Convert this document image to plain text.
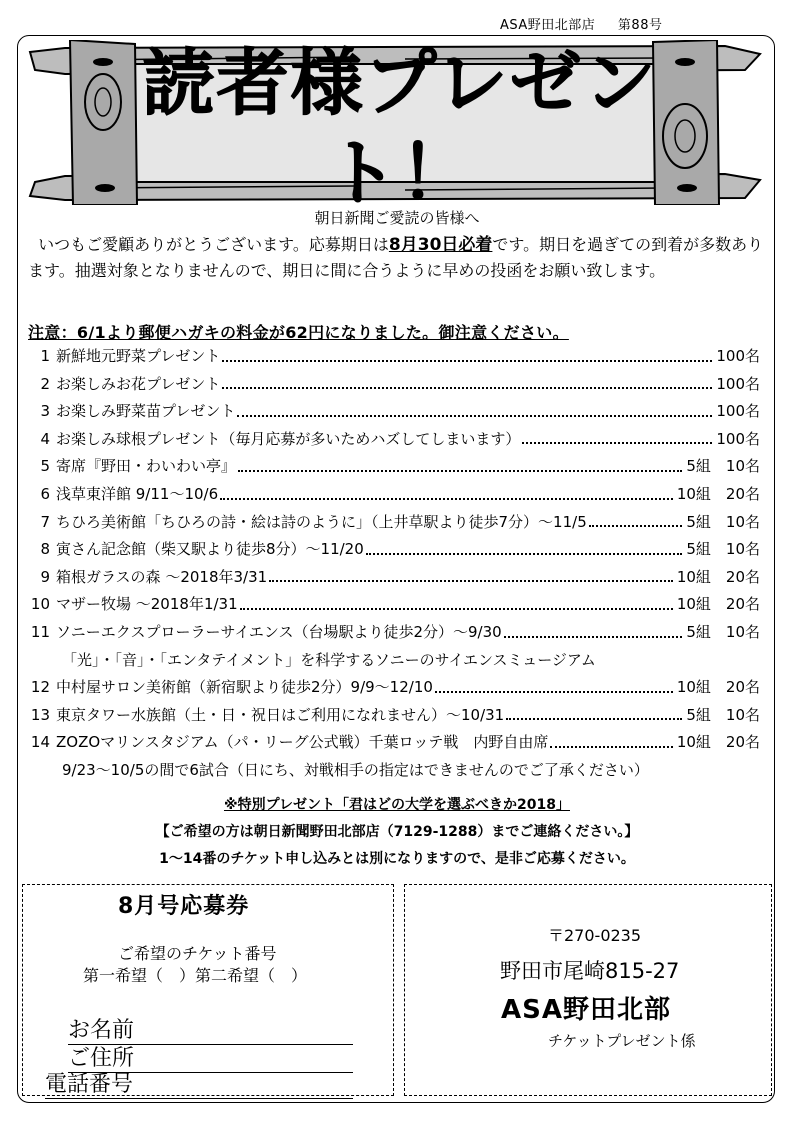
ASA野田北部店 第88号
読者様プレゼント！
朝日新聞ご愛読の皆様へ
いつもご愛顧ありがとうございます。応募期日は8月30日必着です。期日を過ぎての到着が多数あります。抽選対象となりませんので、期日に間に合うように早めの投函をお願い致します。
注意：6/1より郵便ハガキの料金が62円になりました。御注意ください。
1 新鮮地元野菜プレゼント	100名
2 お楽しみお花プレゼント	100名
3 お楽しみ野菜苗プレゼント	100名
4 お楽しみ球根プレゼント（毎月応募が多いためハズしてしまいます）	100名
5 寄席『野田・わいわい亭』	5組　10名
6 浅草東洋館 9/11～10/6	10組　20名
7 ちひろ美術館「ちひろの詩・絵は詩のように」（上井草駅より徒歩7分）～11/5	5組　10名
8 寅さん記念館（柴又駅より徒歩8分）～11/20	5組　10名
9 箱根ガラスの森 ～2018年3/31	10組　20名
10 マザー牧場 ～2018年1/31	10組　20名
11 ソニーエクスプローラーサイエンス（台場駅より徒歩2分）～9/30	5組　10名
「光」・「音」・「エンタテイメント」を科学するソニーのサイエンスミュージアム
12 中村屋サロン美術館（新宿駅より徒歩2分）9/9～12/10	10組　20名
13 東京タワー水族館（土・日・祝日はご利用になれません）～10/31	5組　10名
14 ZOZOマリンスタジアム（パ・リーグ公式戦）千葉ロッテ戦　内野自由席	10組　20名
9/23～10/5の間で6試合（日にち、対戦相手の指定はできませんのでご了承ください）
※特別プレゼント「君はどの大学を選ぶべきか2018」
【ご希望の方は朝日新聞野田北部店（7129-1288）までご連絡ください。】
1～14番のチケット申し込みとは別になりますので、是非ご応募ください。
8月号応募券
ご希望のチケット番号
第一希望（　）第二希望（　）
お名前
ご住所
電話番号
〒270-0235
野田市尾崎815-27
ASA野田北部
チケットプレゼント係
